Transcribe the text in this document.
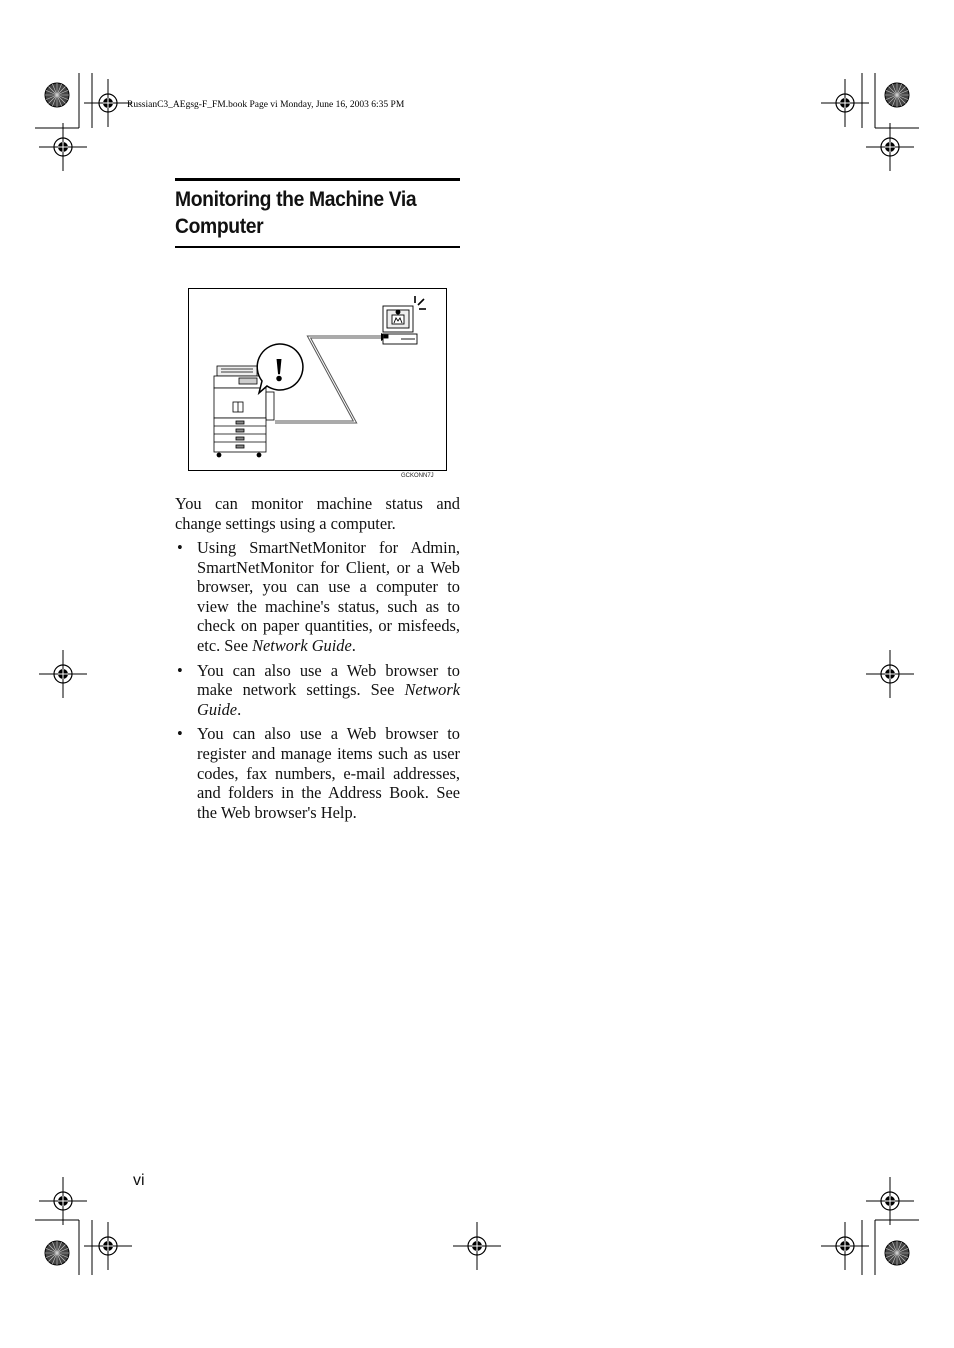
RussianC3_AEgsg-F_FM.book Page vi Monday, June 16, 2003 6:35 PM
Monitoring the Machine Via
Computer
!
GCKONN7J
You can monitor machine status and change settings using a computer.
• Using SmartNetMonitor for Admin, SmartNetMonitor for Client, or a Web browser, you can use a computer to view the machine's status, such as to check on paper quantities, or misfeeds, etc. See Network Guide.
• You can also use a Web browser to make network settings. See Network Guide.
• You can also use a Web browser to register and manage items such as user codes, fax numbers, e-mail addresses, and folders in the Address Book. See the Web browser's Help.
vi
